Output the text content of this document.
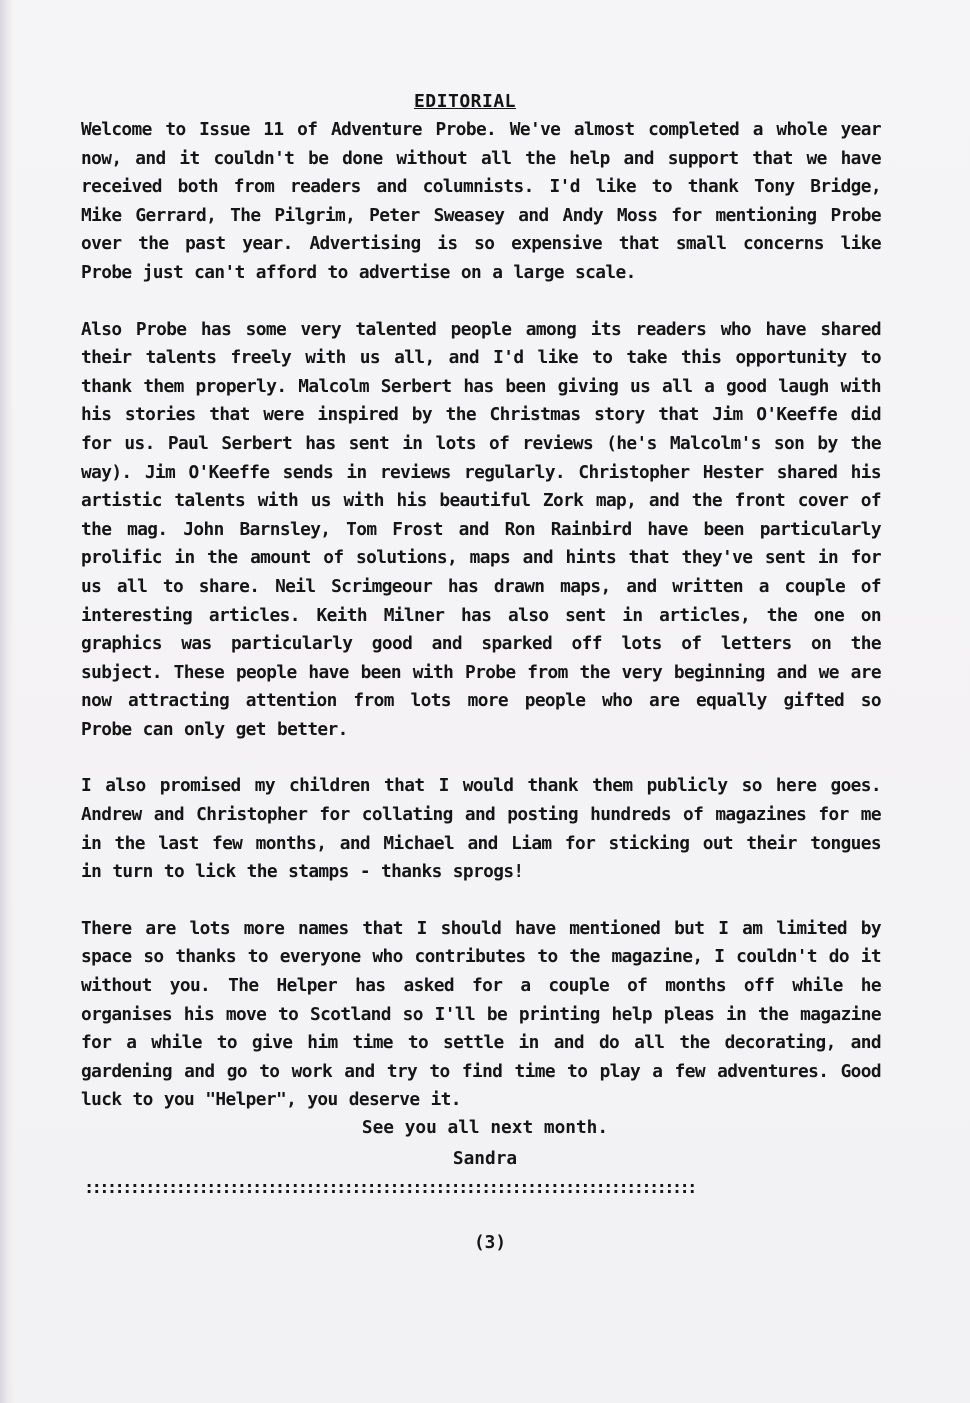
EDITORIAL

Welcome to Issue 11 of Adventure Probe. We've almost completed a whole year now, and it couldn't be done without all the help and support that we have received both from readers and columnists. I'd like to thank Tony Bridge, Mike Gerrard, The Pilgrim, Peter Sweasey and Andy Moss for mentioning Probe over the past year. Advertising is so expensive that small concerns like Probe just can't afford to advertise on a large scale.

Also Probe has some very talented people among its readers who have shared their talents freely with us all, and I'd like to take this opportunity to thank them properly. Malcolm Serbert has been giving us all a good laugh with his stories that were inspired by the Christmas story that Jim O'Keeffe did for us. Paul Serbert has sent in lots of reviews (he's Malcolm's son by the way). Jim O'Keeffe sends in reviews regularly. Christopher Hester shared his artistic talents with us with his beautiful Zork map, and the front cover of the mag. John Barnsley, Tom Frost and Ron Rainbird have been particularly prolific in the amount of solutions, maps and hints that they've sent in for us all to share. Neil Scrimgeour has drawn maps, and written a couple of interesting articles. Keith Milner has also sent in articles, the one on graphics was particularly good and sparked off lots of letters on the subject. These people have been with Probe from the very beginning and we are now attracting attention from lots more people who are equally gifted so Probe can only get better.

I also promised my children that I would thank them publicly so here goes. Andrew and Christopher for collating and posting hundreds of magazines for me in the last few months, and Michael and Liam for sticking out their tongues in turn to lick the stamps - thanks sprogs!

There are lots more names that I should have mentioned but I am limited by space so thanks to everyone who contributes to the magazine, I couldn't do it without you. The Helper has asked for a couple of months off while he organises his move to Scotland so I'll be printing help pleas in the magazine for a while to give him time to settle in and do all the decorating, and gardening and go to work and try to find time to play a few adventures. Good luck to you "Helper", you deserve it.

See you all next month.
Sandra
::::::::::::::::::::::::::::::::::::::::::::::::::::::::::::::::::::::::::::::::
(3)
